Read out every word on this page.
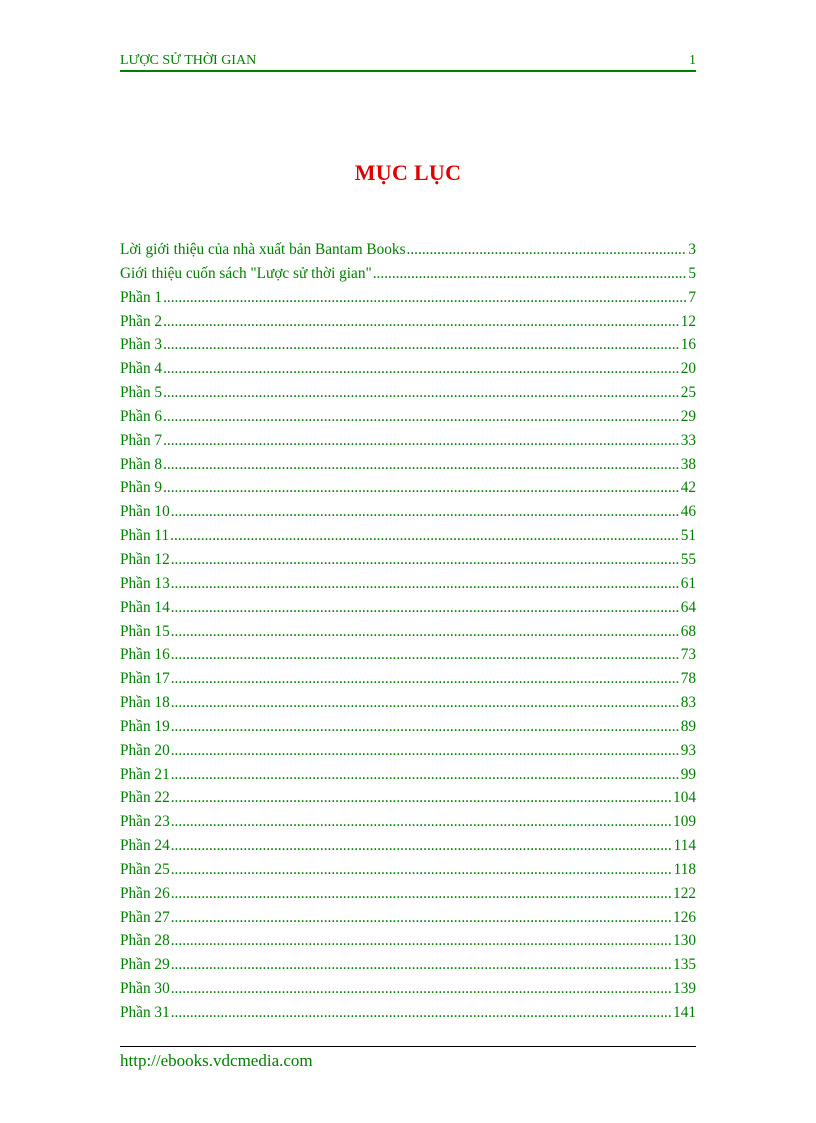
LƯỢC SỬ THỜI GIAN	1
MỤC LỤC
Lời giới thiệu của nhà xuất bản Bantam Books .....	3
Giới thiệu cuốn sách "Lược sử thời gian" .....	5
Phần 1 .....	7
Phần 2 .....	12
Phần 3 .....	16
Phần 4 .....	20
Phần 5 .....	25
Phần 6 .....	29
Phần 7 .....	33
Phần 8 .....	38
Phần 9 .....	42
Phần 10 .....	46
Phần 11 .....	51
Phần 12 .....	55
Phần 13 .....	61
Phần 14 .....	64
Phần 15 .....	68
Phần 16 .....	73
Phần 17 .....	78
Phần 18 .....	83
Phần 19 .....	89
Phần 20 .....	93
Phần 21 .....	99
Phần 22 .....	104
Phần 23 .....	109
Phần 24 .....	114
Phần 25 .....	118
Phần 26 .....	122
Phần 27 .....	126
Phần 28 .....	130
Phần 29 .....	135
Phần 30 .....	139
Phần 31 .....	141
http://ebooks.vdcmedia.com
